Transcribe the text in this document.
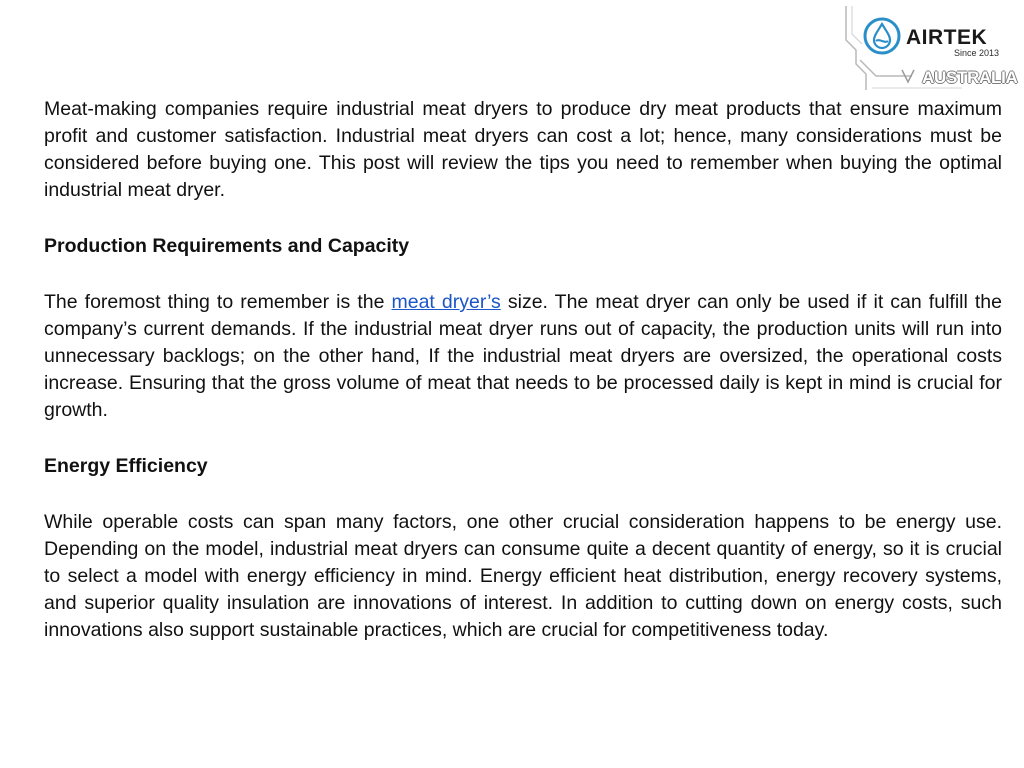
AIRTEK
Since 2013
AUSTRALIA

Meat-making companies require industrial meat dryers to produce dry meat products that ensure maximum profit and customer satisfaction. Industrial meat dryers can cost a lot; hence, many considerations must be considered before buying one. This post will review the tips you need to remember when buying the optimal industrial meat dryer.

Production Requirements and Capacity

The foremost thing to remember is the meat dryer’s size. The meat dryer can only be used if it can fulfill the company’s current demands. If the industrial meat dryer runs out of capacity, the production units will run into unnecessary backlogs; on the other hand, If the industrial meat dryers are oversized, the operational costs increase. Ensuring that the gross volume of meat that needs to be processed daily is kept in mind is crucial for growth.

Energy Efficiency

While operable costs can span many factors, one other crucial consideration happens to be energy use. Depending on the model, industrial meat dryers can consume quite a decent quantity of energy, so it is crucial to select a model with energy efficiency in mind. Energy efficient heat distribution, energy recovery systems, and superior quality insulation are innovations of interest. In addition to cutting down on energy costs, such innovations also support sustainable practices, which are crucial for competitiveness today.
